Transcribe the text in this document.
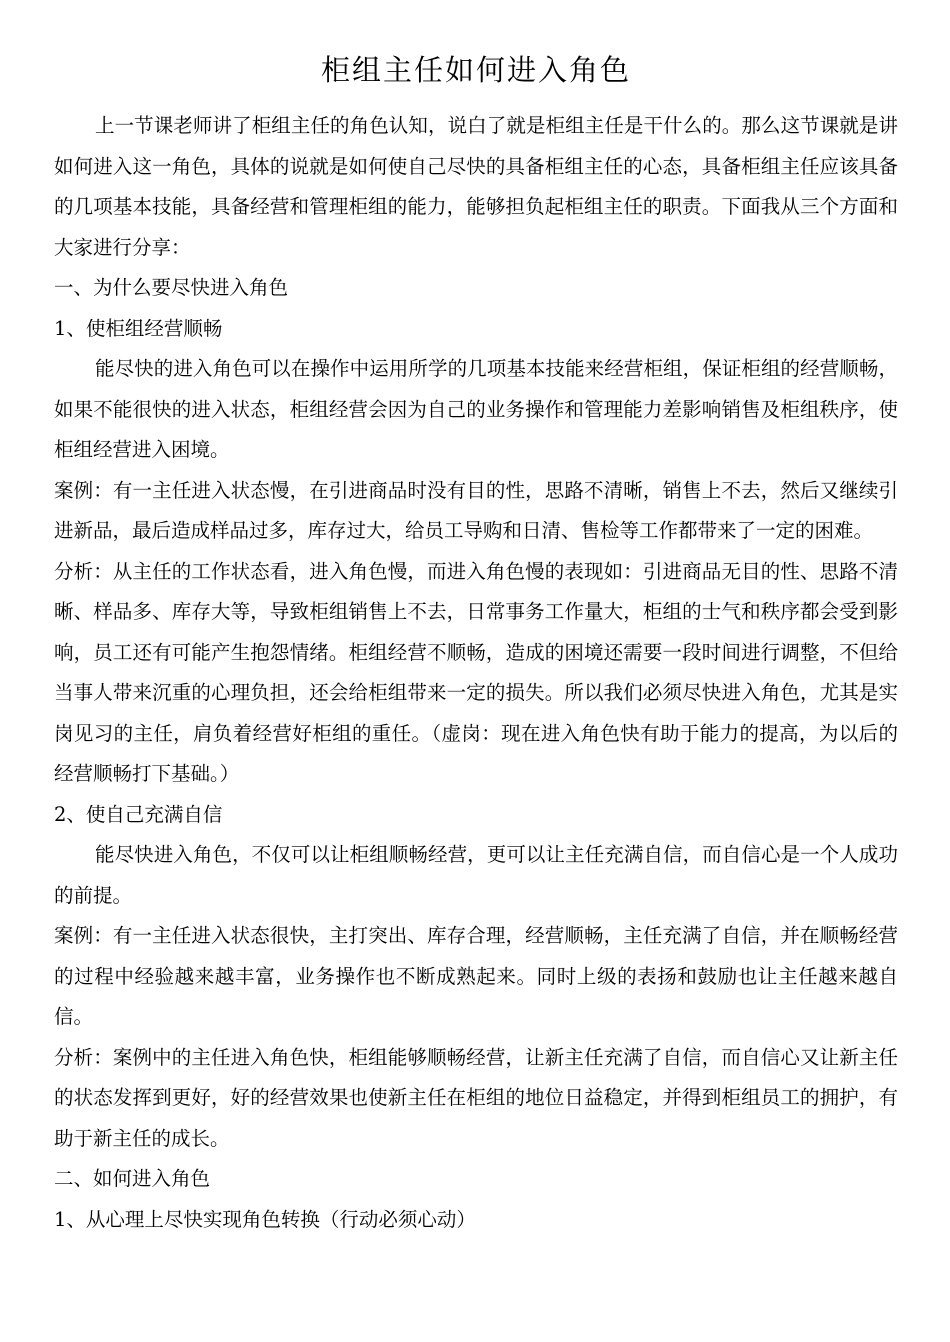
柜组主任如何进入角色

上一节课老师讲了柜组主任的角色认知，说白了就是柜组主任是干什么的。那么这节课就是讲如何进入这一角色，具体的说就是如何使自己尽快的具备柜组主任的心态，具备柜组主任应该具备的几项基本技能，具备经营和管理柜组的能力，能够担负起柜组主任的职责。下面我从三个方面和大家进行分享：

一、为什么要尽快进入角色

1、使柜组经营顺畅

能尽快的进入角色可以在操作中运用所学的几项基本技能来经营柜组，保证柜组的经营顺畅，如果不能很快的进入状态，柜组经营会因为自己的业务操作和管理能力差影响销售及柜组秩序，使柜组经营进入困境。

案例：有一主任进入状态慢，在引进商品时没有目的性，思路不清晰，销售上不去，然后又继续引进新品，最后造成样品过多，库存过大，给员工导购和日清、售检等工作都带来了一定的困难。

分析：从主任的工作状态看，进入角色慢，而进入角色慢的表现如：引进商品无目的性、思路不清晰、样品多、库存大等，导致柜组销售上不去，日常事务工作量大，柜组的士气和秩序都会受到影响，员工还有可能产生抱怨情绪。柜组经营不顺畅，造成的困境还需要一段时间进行调整，不但给当事人带来沉重的心理负担，还会给柜组带来一定的损失。所以我们必须尽快进入角色，尤其是实岗见习的主任，肩负着经营好柜组的重任。（虚岗：现在进入角色快有助于能力的提高，为以后的经营顺畅打下基础。）

2、使自己充满自信

能尽快进入角色，不仅可以让柜组顺畅经营，更可以让主任充满自信，而自信心是一个人成功的前提。

案例：有一主任进入状态很快，主打突出、库存合理，经营顺畅，主任充满了自信，并在顺畅经营的过程中经验越来越丰富，业务操作也不断成熟起来。同时上级的表扬和鼓励也让主任越来越自信。

分析：案例中的主任进入角色快，柜组能够顺畅经营，让新主任充满了自信，而自信心又让新主任的状态发挥到更好，好的经营效果也使新主任在柜组的地位日益稳定，并得到柜组员工的拥护，有助于新主任的成长。

二、如何进入角色

1、从心理上尽快实现角色转换（行动必须心动）
